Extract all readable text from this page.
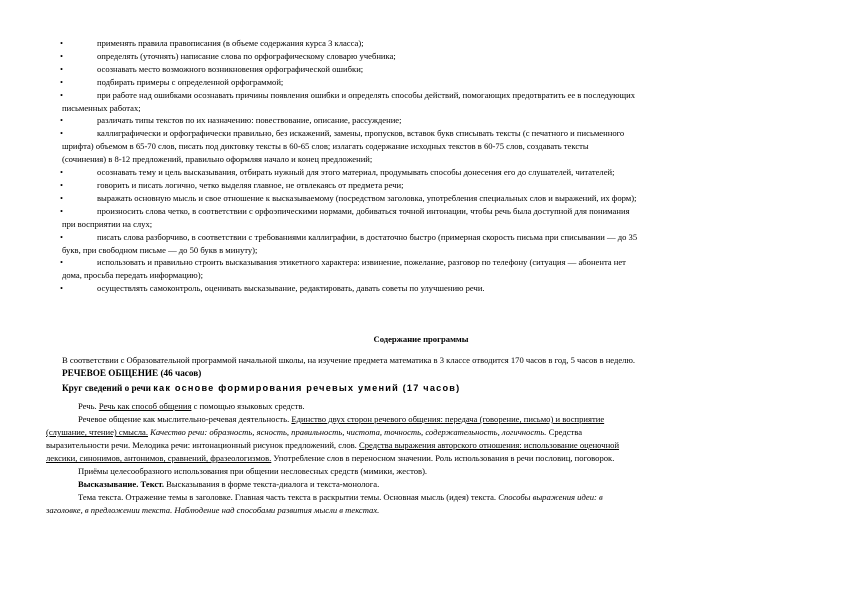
•	применять правила правописания (в объеме содержания курса 3 класса);
•	определять (уточнять) написание слова по орфографическому словарю учебника;
•	осознавать место возможного возникновения орфографической ошибки;
•	подбирать примеры с определенной орфограммой;
•	при работе над ошибками осознавать причины появления ошибки и определять способы действий, помогающих предотвратить ее в последующих
письменных работах;
•	различать типы текстов по их назначению: повествование, описание, рассуждение;
•	каллиграфически и орфографически правильно, без искажений, замены, пропусков, вставок букв списывать тексты (с печатного и письменного
шрифта) объемом в 65-70 слов, писать под диктовку тексты в 60-65 слов; излагать содержание исходных текстов в 60-75 слов, создавать тексты
(сочинения) в 8-12 предложений, правильно оформляя начало и конец предложений;
•	осознавать тему и цель высказывания, отбирать нужный для этого материал, продумывать способы донесения его до слушателей, читателей;
•	говорить и писать логично, четко выделяя главное, не отвлекаясь от предмета речи;
•	выражать основную мысль и свое отношение к высказываемому (посредством заголовка, употребления специальных слов и выражений, их форм);
•	произносить слова четко, в соответствии с орфоэпическими нормами, добиваться точной интонации, чтобы речь была доступной для понимания
при восприятии на слух;
•	писать слова разборчиво, в соответствии с требованиями каллиграфии, в достаточно быстро (примерная скорость письма при списывании — до 35
букв, при свободном письме — до 50 букв в минуту);
•	использовать и правильно строить высказывания этикетного характера: извинение, пожелание, разговор по телефону (ситуация — абонента нет
дома, просьба передать информацию);
•	осуществлять самоконтроль, оценивать высказывание, редактировать, давать советы по улучшению речи.
Содержание программы
В соответствии с Образовательной программой начальной школы, на изучение предмета математика в 3 классе отводится 170 часов в год, 5 часов в неделю.
РЕЧЕВОЕ ОБЩЕНИЕ (46 часов)
Круг сведений о речи как основе формирования речевых умений (17 часов)

Речь. Речь как способ общения с помощью языковых средств.

Речевое общение как мыслительно-речевая деятельность. Единство двух сторон речевого общения: передача (говорение, письмо) и восприятие
(слушание, чтение) смысла. Качество речи: образность, ясность, правильность, чистота, точность, содержательность, логичность. Средства
выразительности речи. Мелодика речи: интонационный рисунок предложений, слов. Средства выражения авторского отношения: использование оценочной
лексики, синонимов, антонимов, сравнений, фразеологизмов. Употребление слов в переносном значении. Роль использования в речи пословиц, поговорок.

Приёмы целесообразного использования при общении несловесных средств (мимики, жестов).

Высказывание. Текст. Высказывания в форме текста-диалога и текста-монолога.

Тема текста. Отражение темы в заголовке. Главная часть текста в раскрытии темы. Основная мысль (идея) текста. Способы выражения идеи: в
заголовке, в предложении текста. Наблюдение над способами развития мысли в текстах.
